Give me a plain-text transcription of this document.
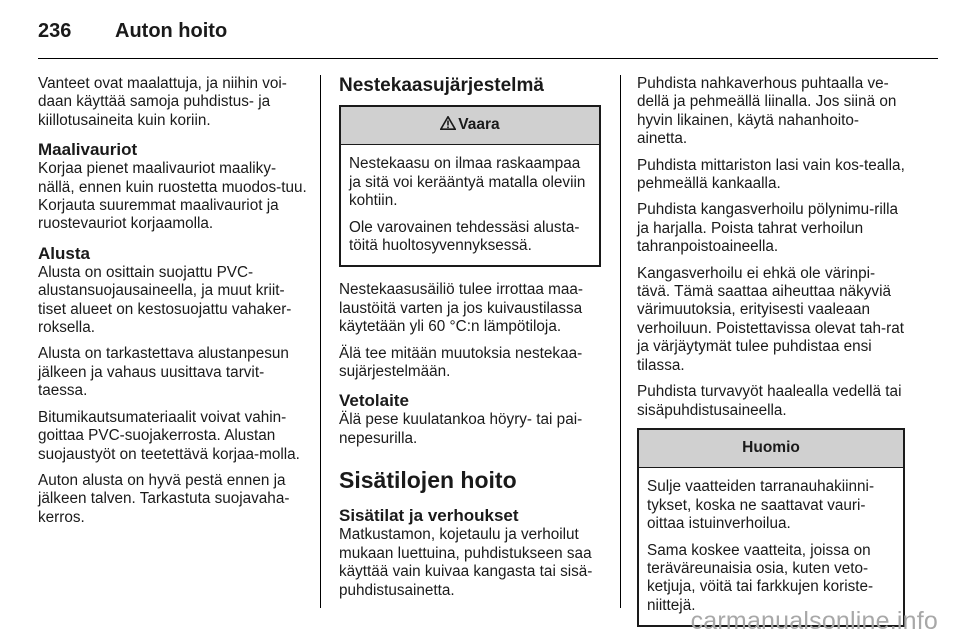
236 Auton hoito

Vanteet ovat maalattuja, ja niihin voi-daan käyttää samoja puhdistus- ja kiillotusaineita kuin koriin.

Maalivauriot

Korjaa pienet maalivauriot maaliky-nällä, ennen kuin ruostetta muodos-tuu. Korjauta suuremmat maalivauriot ja ruostevauriot korjaamolla.

Alusta

Alusta on osittain suojattu PVC-alustansuojausaineella, ja muut kriit-tiset alueet on kestosuojattu vahaker-roksella.

Alusta on tarkastettava alustanpesun jälkeen ja vahaus uusittava tarvit-taessa.

Bitumikautsumateriaalit voivat vahin-goittaa PVC-suojakerrosta. Alustan suojaustyöt on teetettävä korjaa-molla.

Auton alusta on hyvä pestä ennen ja jälkeen talven. Tarkastuta suojavaha-kerros.

Nestekaasujärjestelmä
Vaara

Nestekaasu on ilmaa raskaampaa ja sitä voi kerääntyä matalla oleviin kohtiin.

Ole varovainen tehdessäsi alusta-töitä huoltosyvennyksessä.

Nestekaasusäiliö tulee irrottaa maa-laustöitä varten ja jos kuivaustilassa käytetään yli 60 °C:n lämpötiloja.

Älä tee mitään muutoksia nestekaa-sujärjestelmään.

Vetolaite

Älä pese kuulatankoa höyry- tai pai-nepesurilla.

Sisätilojen hoito
Sisätilat ja verhoukset

Matkustamon, kojetaulu ja verhoilut mukaan luettuina, puhdistukseen saa käyttää vain kuivaa kangasta tai sisä-puhdistusainetta.

Puhdista nahkaverhous puhtaalla ve-dellä ja pehmeällä liinalla. Jos siinä on hyvin likainen, käytä nahanhoito-ainetta.

Puhdista mittariston lasi vain kos-tealla, pehmeällä kankaalla.

Puhdista kangasverhoilu pölynimu-rilla ja harjalla. Poista tahrat verhoilun tahranpoistoaineella.

Kangasverhoilu ei ehkä ole värinpi-tävä. Tämä saattaa aiheuttaa näkyviä värimuutoksia, erityisesti vaaleaan verhoiluun. Poistettavissa olevat tah-rat ja värjäytymät tulee puhdistaa ensi tilassa.

Puhdista turvavyöt haalealla vedellä tai sisäpuhdistusaineella.

Huomio

Sulje vaatteiden tarranauhakiinni-tykset, koska ne saattavat vauri-oittaa istuinverhoilua.

Sama koskee vaatteita, joissa on teräväreunaisia osia, kuten veto-ketjuja, vöitä tai farkkujen koriste-niittejä.

carmanualsonline.info
